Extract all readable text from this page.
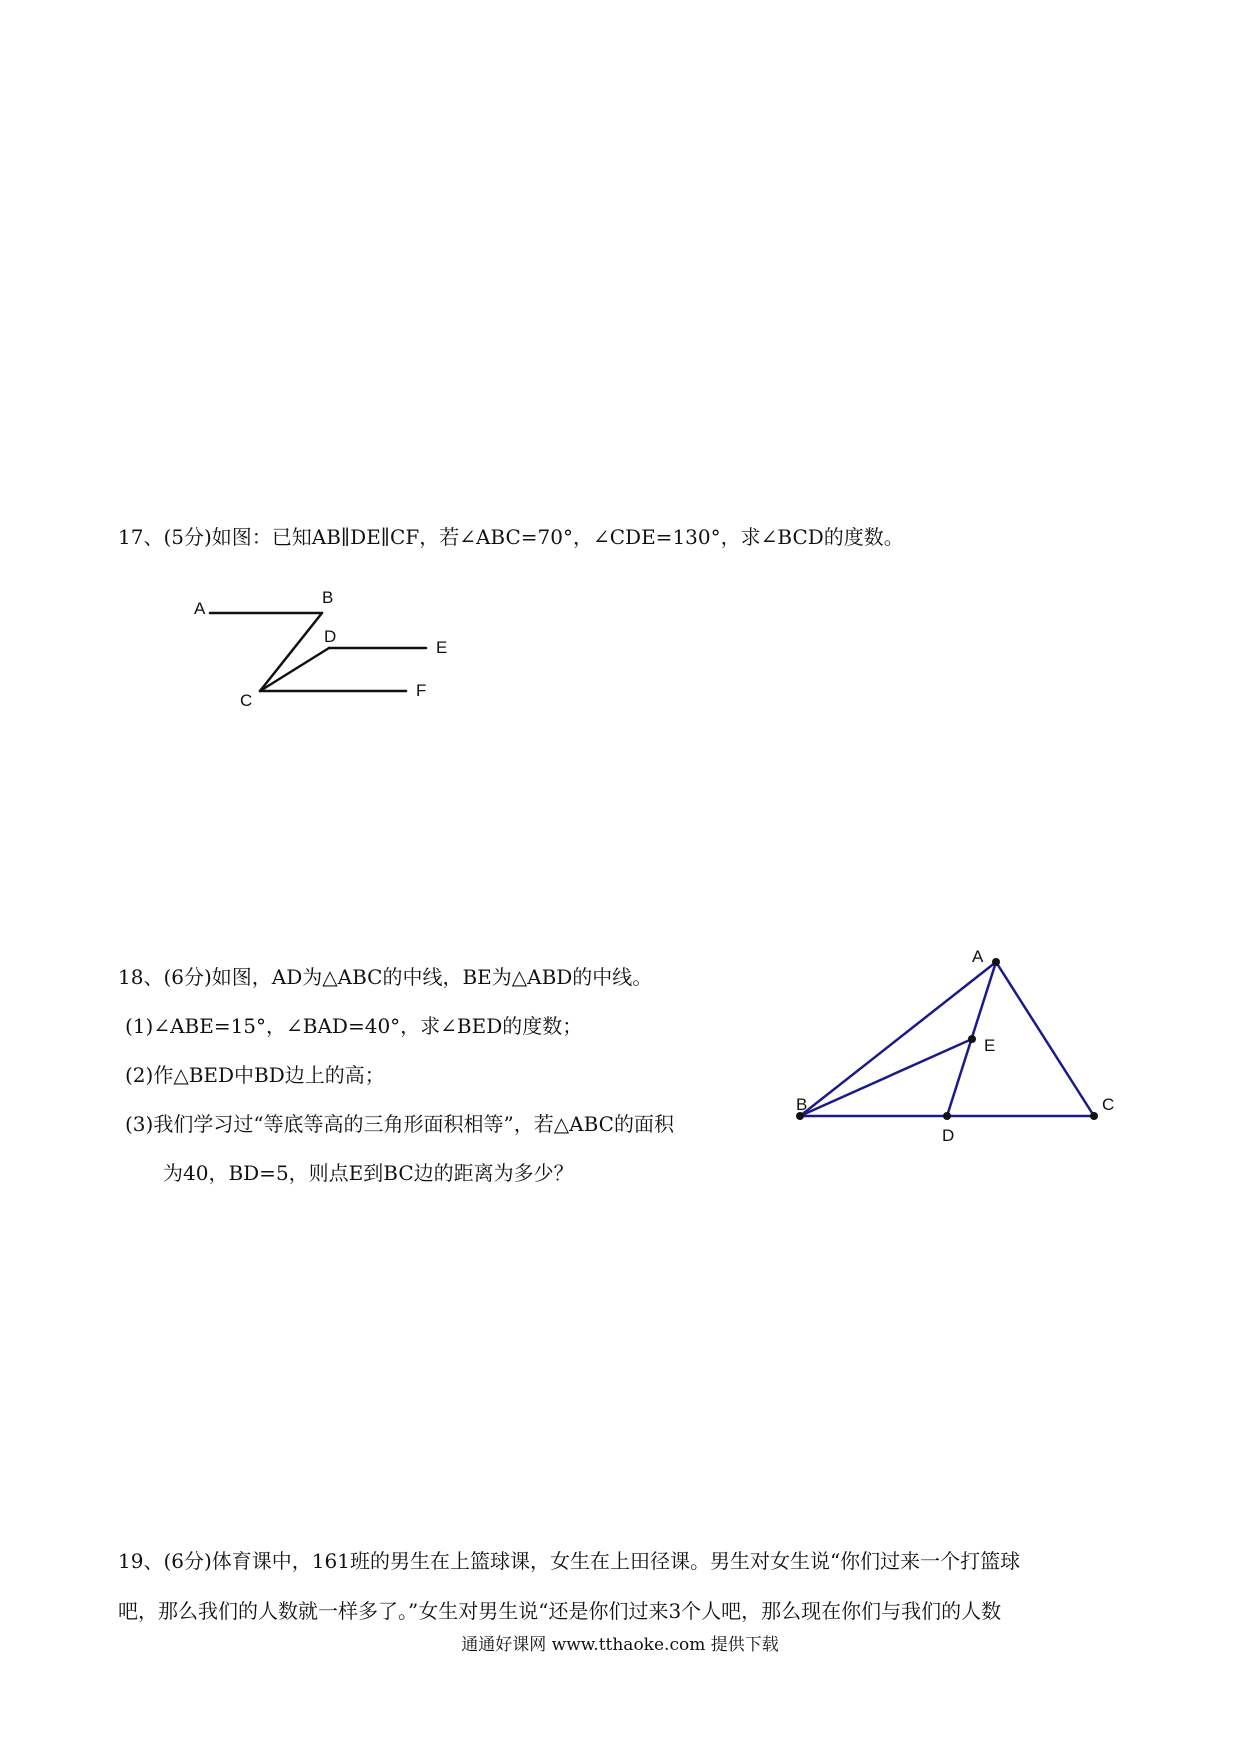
17、(5分)如图：已知AB∥DE∥CF，若∠ABC=70°，∠CDE=130°，求∠BCD的度数。
A
B
D
E
C
F
18、(6分)如图，AD为△ABC的中线，BE为△ABD的中线。
(1)∠ABE=15°，∠BAD=40°，求∠BED的度数；
(2)作△BED中BD边上的高；
(3)我们学习过“等底等高的三角形面积相等”，若△ABC的面积
为40，BD=5，则点E到BC边的距离为多少？
A
B	C
D
E
19、(6分)体育课中，161班的男生在上篮球课，女生在上田径课。男生对女生说“你们过来一个打篮球
吧，那么我们的人数就一样多了。”女生对男生说“还是你们过来3个人吧，那么现在你们与我们的人数
通通好课网 www.tthaoke.com 提供下载
